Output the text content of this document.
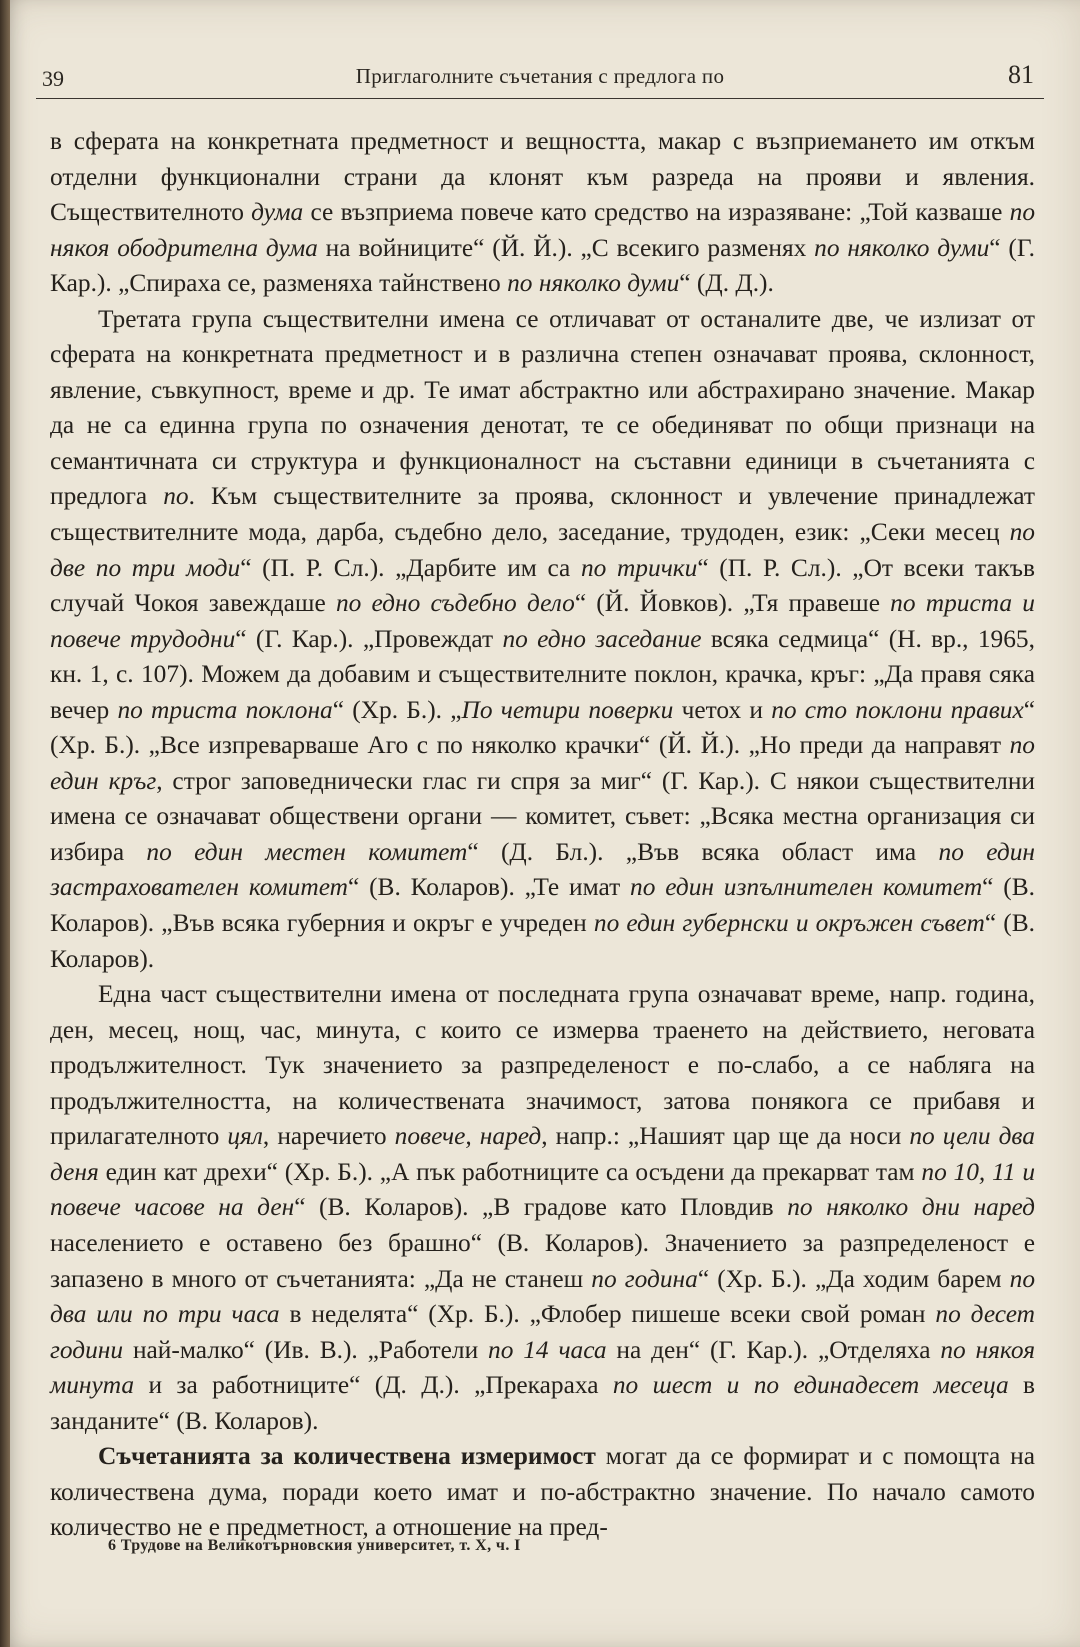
39	Приглаголните съчетания с предлога по	81

в сферата на конкретната предметност и вещността, макар с възприемането им откъм отделни функционални страни да клонят към разреда на прояви и явления. Съществителното дума се възприема повече като средство на изразяване: „Той казваше по някоя ободрителна дума на войниците“ (Й. Й.). „С всекиго разменях по няколко думи“ (Г. Кар.). „Спираха се, разменяха тайнствено по няколко думи“ (Д. Д.).

Третата група съществителни имена се отличават от останалите две, че излизат от сферата на конкретната предметност и в различна степен означават проява, склонност, явление, съвкупност, време и др. Те имат абстрактно или абстрахирано значение. Макар да не са единна група по означения денотат, те се обединяват по общи признаци на семантичната си структура и функционалност на съставни единици в съчетанията с предлога по. Към съществителните за проява, склонност и увлечение принадлежат съществителните мода, дарба, съдебно дело, заседание, трудоден, език: „Секи месец по две по три моди“ (П. Р. Сл.). „Дарбите им са по трички“ (П. Р. Сл.). „От всеки такъв случай Чокоя завеждаше по едно съдебно дело“ (Й. Йовков). „Тя правеше по триста и повече трудодни“ (Г. Кар.). „Провеждат по едно заседание всяка седмица“ (Н. вр., 1965, кн. 1, с. 107). Можем да добавим и съществителните поклон, крачка, кръг: „Да правя сяка вечер по триста поклона“ (Хр. Б.). „По четири поверки четох и по сто поклони правих“ (Хр. Б.). „Все изпреварваше Аго с по няколко крачки“ (Й. Й.). „Но преди да направят по един кръг, строг заповеднически глас ги спря за миг“ (Г. Кар.). С някои съществителни имена се означават обществени органи — комитет, съвет: „Всяка местна организация си избира по един местен комитет“ (Д. Бл.). „Във всяка област има по един застрахователен комитет“ (В. Коларов). „Те имат по един изпълнителен комитет“ (В. Коларов). „Във всяка губерния и окръг е учреден по един губернски и окръжен съвет“ (В. Коларов).

Една част съществителни имена от последната група означават време, напр. година, ден, месец, нощ, час, минута, с които се измерва траенето на действието, неговата продължителност. Тук значението за разпределеност е по-слабо, а се набляга на продължителността, на количествената значимост, затова понякога се прибавя и прилагателното цял, наречието повече, наред, напр.: „Нашият цар ще да носи по цели два деня един кат дрехи“ (Хр. Б.). „А пък работниците са осъдени да прекарват там по 10, 11 и повече часове на ден“ (В. Коларов). „В градове като Пловдив по няколко дни наред населението е оставено без брашно“ (В. Коларов). Значението за разпределеност е запазено в много от съчетанията: „Да не станеш по година“ (Хр. Б.). „Да ходим барем по два или по три часа в неделята“ (Хр. Б.). „Флобер пишеше всеки свой роман по десет години най-малко“ (Ив. В.). „Работели по 14 часа на ден“ (Г. Кар.). „Отделяха по някоя минута и за работниците“ (Д. Д.). „Прекараха по шест и по единадесет месеца в занданите“ (В. Коларов).

Съчетанията за количествена измеримост могат да се формират и с помощта на количествена дума, поради което имат и по-абстрактно значение. По начало самото количество не е предметност, а отношение на пред-

6 Трудове на Великотърновския университет, т. X, ч. I
